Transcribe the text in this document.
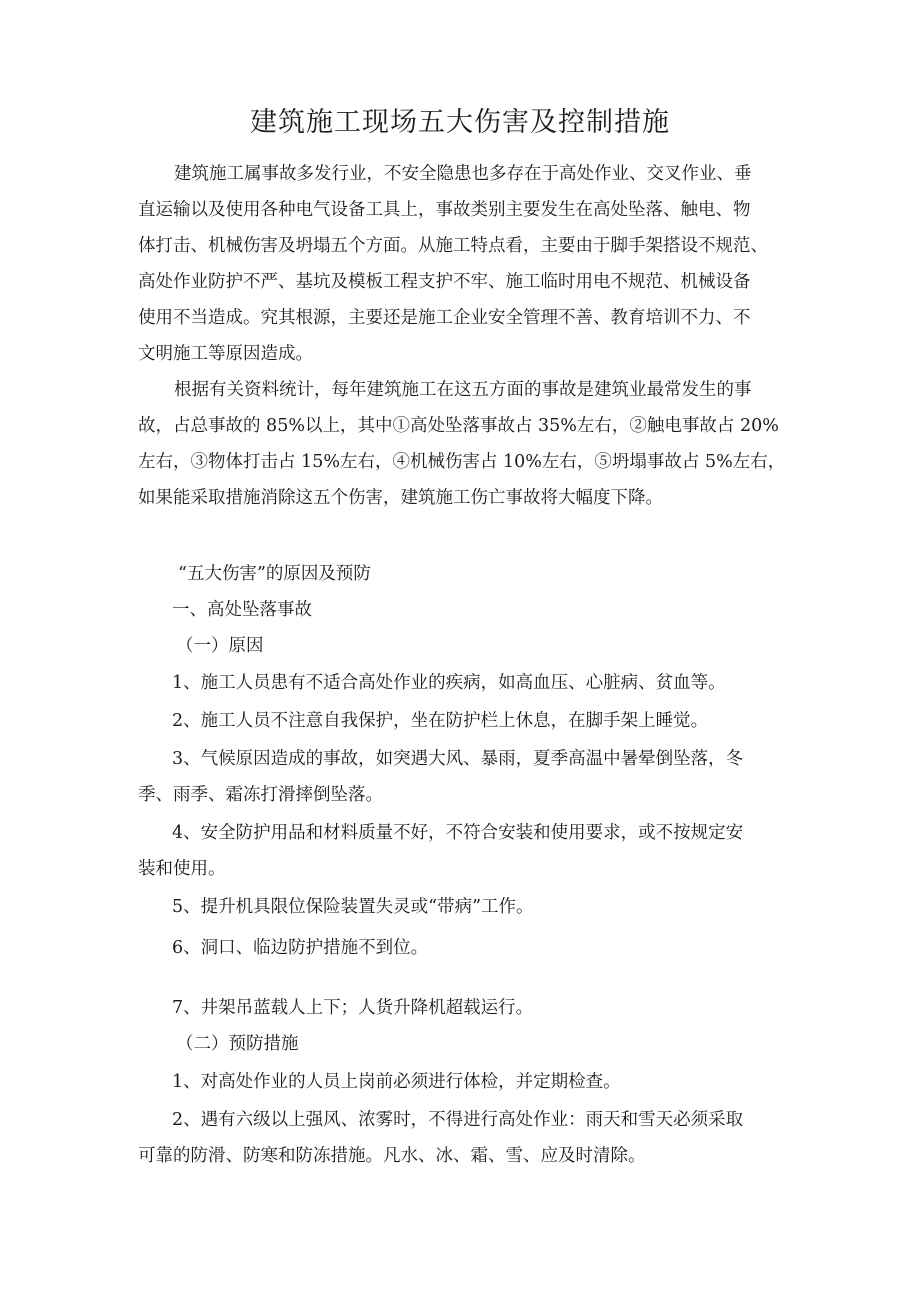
建筑施工现场五大伤害及控制措施

建筑施工属事故多发行业，不安全隐患也多存在于高处作业、交叉作业、垂

直运输以及使用各种电气设备工具上，事故类别主要发生在高处坠落、触电、物

体打击、机械伤害及坍塌五个方面。从施工特点看，主要由于脚手架搭设不规范、

高处作业防护不严、基坑及模板工程支护不牢、施工临时用电不规范、机械设备

使用不当造成。究其根源，主要还是施工企业安全管理不善、教育培训不力、不

文明施工等原因造成。

根据有关资料统计，每年建筑施工在这五方面的事故是建筑业最常发生的事

故，占总事故的 85%以上，其中①高处坠落事故占 35%左右，②触电事故占 20%

左右，③物体打击占 15%左右，④机械伤害占 10%左右，⑤坍塌事故占 5%左右，

如果能采取措施消除这五个伤害，建筑施工伤亡事故将大幅度下降。

“五大伤害”的原因及预防

一、高处坠落事故

（一）原因

1、施工人员患有不适合高处作业的疾病，如高血压、心脏病、贫血等。

2、施工人员不注意自我保护，坐在防护栏上休息，在脚手架上睡觉。

3、气候原因造成的事故，如突遇大风、暴雨，夏季高温中暑晕倒坠落，冬

季、雨季、霜冻打滑摔倒坠落。

4、安全防护用品和材料质量不好，不符合安装和使用要求，或不按规定安

装和使用。

5、提升机具限位保险装置失灵或“带病”工作。

6、洞口、临边防护措施不到位。

7、井架吊蓝载人上下；人货升降机超载运行。

（二）预防措施

1、对高处作业的人员上岗前必须进行体检，并定期检查。

2、遇有六级以上强风、浓雾时，不得进行高处作业：雨天和雪天必须采取

可靠的防滑、防寒和防冻措施。凡水、冰、霜、雪、应及时清除。
